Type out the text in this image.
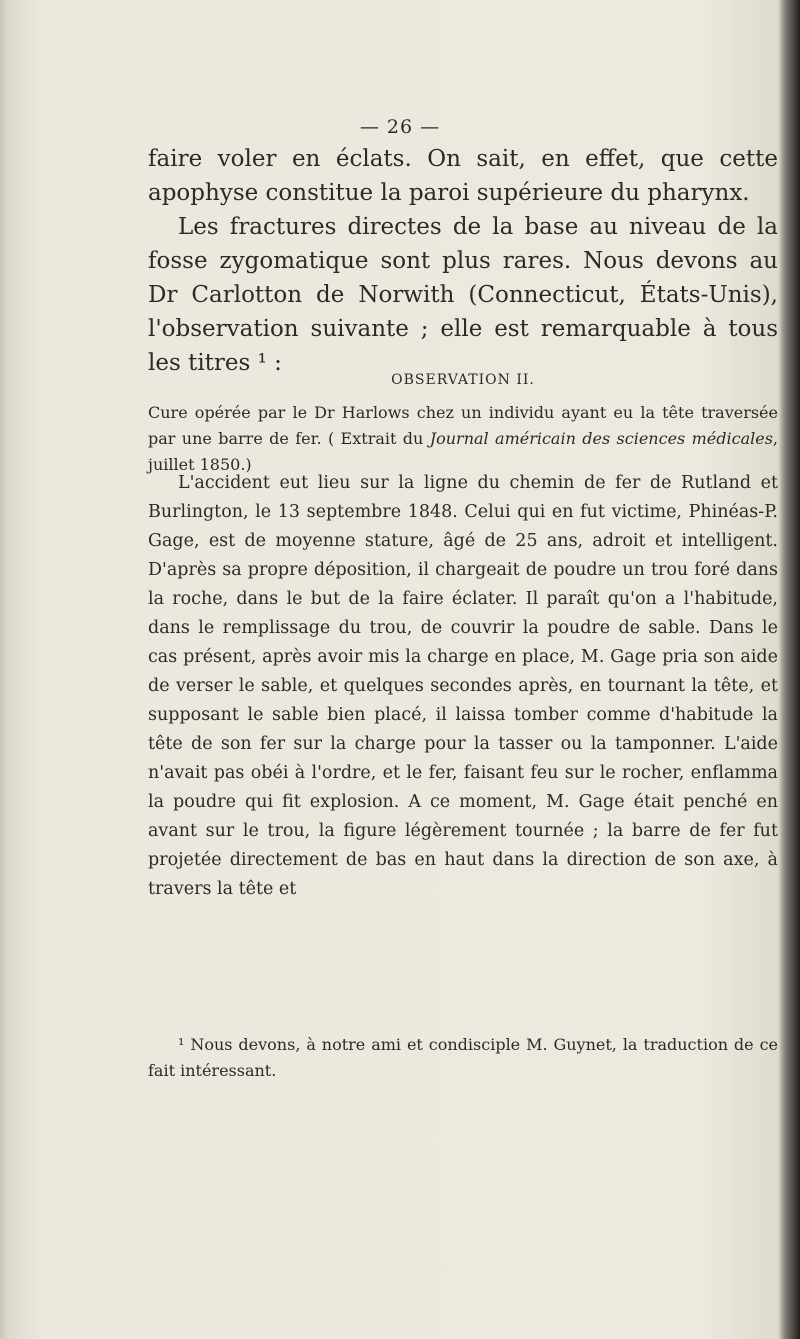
— 26 —

faire voler en éclats. On sait, en effet, que cette apophyse constitue la paroi supérieure du pharynx.

Les fractures directes de la base au niveau de la fosse zygomatique sont plus rares. Nous devons au Dr Carlotton de Norwith (Connecticut, États-Unis), l'observation suivante ; elle est remarquable à tous les titres ¹ :

OBSERVATION II.
Cure opérée par le Dr Harlows chez un individu ayant eu la tête traversée par une barre de fer. ( Extrait du Journal américain des sciences médicales, juillet 1850.)
L'accident eut lieu sur la ligne du chemin de fer de Rutland et Burlington, le 13 septembre 1848. Celui qui en fut victime, Phinéas-P. Gage, est de moyenne stature, âgé de 25 ans, adroit et intelligent. D'après sa propre déposition, il chargeait de poudre un trou foré dans la roche, dans le but de la faire éclater. Il paraît qu'on a l'habitude, dans le remplissage du trou, de couvrir la poudre de sable. Dans le cas présent, après avoir mis la charge en place, M. Gage pria son aide de verser le sable, et quelques secondes après, en tournant la tête, et supposant le sable bien placé, il laissa tomber comme d'habitude la tête de son fer sur la charge pour la tasser ou la tamponner. L'aide n'avait pas obéi à l'ordre, et le fer, faisant feu sur le rocher, enflamma la poudre qui fit explosion. A ce moment, M. Gage était penché en avant sur le trou, la figure légèrement tournée ; la barre de fer fut projetée directement de bas en haut dans la direction de son axe, à travers la tête et
¹ Nous devons, à notre ami et condisciple M. Guynet, la traduction de ce fait intéressant.
